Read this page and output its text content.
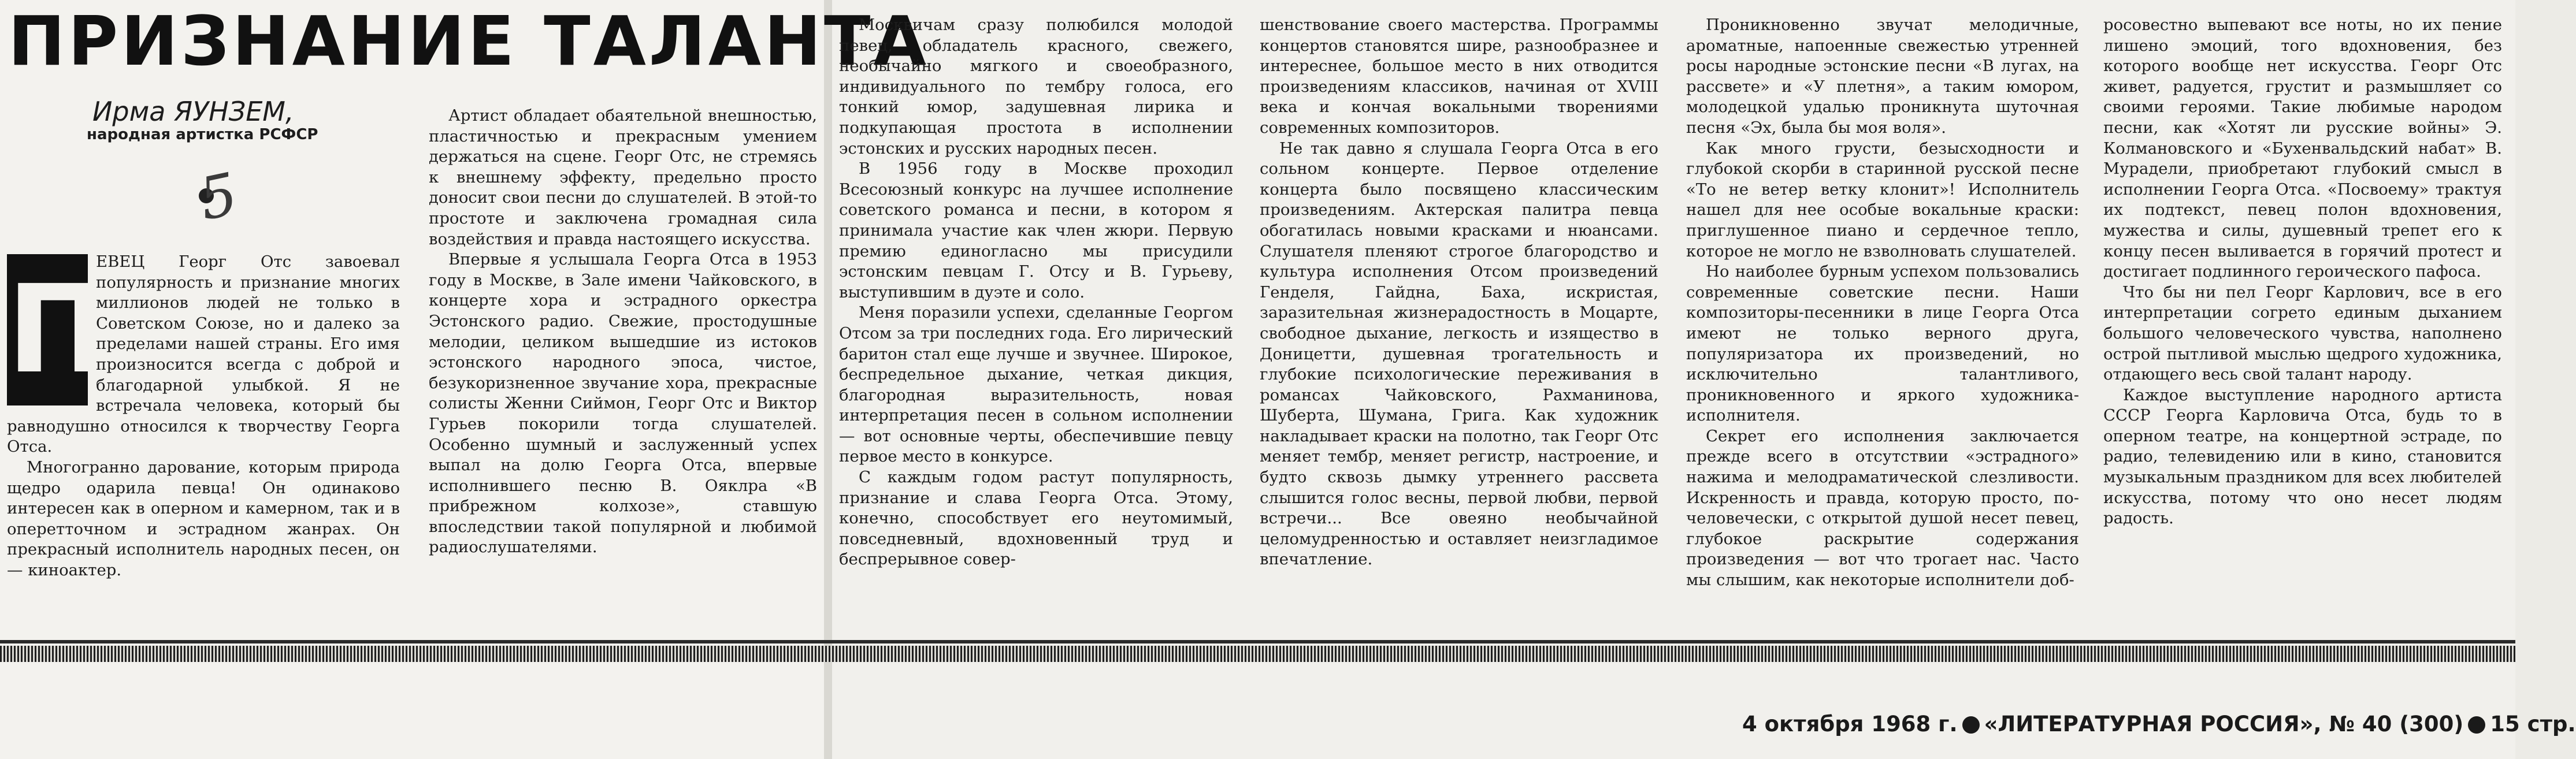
ПРИЗНАНИЕ ТАЛАНТА
Ирма ЯУНЗЕМ,
народная артистка РСФСР
5
П

ЕВЕЦ Георг Отс завоевал популярность и признание многих миллионов людей не только в Советском Союзе, но и далеко за пределами нашей страны. Его имя произносится всегда с доброй и благодарной улыбкой. Я не встречала человека, который бы равнодушно относился к творчеству Георга Отса.

Многогранно дарование, которым природа щедро одарила певца! Он одинаково интересен как в оперном и камерном, так и в оперетточном и эстрадном жанрах. Он прекрасный исполнитель народных песен, он — киноактер.

Артист обладает обаятельной внешностью, пластичностью и прекрасным умением держаться на сцене. Георг Отс, не стремясь к внешнему эффекту, предельно просто доносит свои песни до слушателей. В этой-то простоте и заключена громадная сила воздействия и правда настоящего искусства.

Впервые я услышала Георга Отса в 1953 году в Москве, в Зале имени Чайковского, в концерте хора и эстрадного оркестра Эстонского радио. Свежие, простодушные мелодии, целиком вышедшие из истоков эстонского народного эпоса, чистое, безукоризненное звучание хора, прекрасные солисты Женни Сиймон, Георг Отс и Виктор Гурьев покорили тогда слушателей. Особенно шумный и заслуженный успех выпал на долю Георга Отса, впервые исполнившего песню В. Ояклра «В прибрежном колхозе», ставшую впоследствии такой популярной и любимой радиослушателями.

Москвичам сразу полюбился молодой певец, обладатель красного, свежего, необычайно мягкого и своеобразного, индивидуального по тембру голоса, его тонкий юмор, задушевная лирика и подкупающая простота в исполнении эстонских и русских народных песен.

В 1956 году в Москве проходил Всесоюзный конкурс на лучшее исполнение советского романса и песни, в котором я принимала участие как член жюри. Первую премию единогласно мы присудили эстонским певцам Г. Отсу и В. Гурьеву, выступившим в дуэте и соло.

Меня поразили успехи, сделанные Георгом Отсом за три последних года. Его лирический баритон стал еще лучше и звучнее. Широкое, беспредельное дыхание, четкая дикция, благородная выразительность, новая интерпретация песен в сольном исполнении — вот основные черты, обеспечившие певцу первое место в конкурсе.

С каждым годом растут популярность, признание и слава Георга Отса. Этому, конечно, способствует его неутомимый, повседневный, вдохновенный труд и беспрерывное совер-

шенствование своего мастерства. Программы концертов становятся шире, разнообразнее и интереснее, большое место в них отводится произведениям классиков, начиная от XVIII века и кончая вокальными творениями современных композиторов.

Не так давно я слушала Георга Отса в его сольном концерте. Первое отделение концерта было посвящено классическим произведениям. Актерская палитра певца обогатилась новыми красками и нюансами. Слушателя пленяют строгое благородство и культура исполнения Отсом произведений Генделя, Гайдна, Баха, искристая, заразительная жизнерадостность в Моцарте, свободное дыхание, легкость и изящество в Доницетти, душевная трогательность и глубокие психологические переживания в романсах Чайковского, Рахманинова, Шуберта, Шумана, Грига. Как художник накладывает краски на полотно, так Георг Отс меняет тембр, меняет регистр, настроение, и будто сквозь дымку утреннего рассвета слышится голос весны, первой любви, первой встречи... Все овеяно необычайной целомудренностью и оставляет неизгладимое впечатление.

Проникновенно звучат мелодичные, ароматные, напоенные свежестью утренней росы народные эстонские песни «В лугах, на рассвете» и «У плетня», а таким юмором, молодецкой удалью проникнута шуточная песня «Эх, была бы моя воля».

Как много грусти, безысходности и глубокой скорби в старинной русской песне «То не ветер ветку клонит»! Исполнитель нашел для нее особые вокальные краски: приглушенное пиано и сердечное тепло, которое не могло не взволновать слушателей.

Но наиболее бурным успехом пользовались современные советские песни. Наши композиторы-песенники в лице Георга Отса имеют не только верного друга, популяризатора их произведений, но исключительно талантливого, проникновенного и яркого художника-исполнителя.

Секрет его исполнения заключается прежде всего в отсутствии «эстрадного» нажима и мелодраматической слезливости. Искренность и правда, которую просто, по-человечески, с открытой душой несет певец, глубокое раскрытие содержания произведения — вот что трогает нас. Часто мы слышим, как некоторые исполнители доб-

росовестно выпевают все ноты, но их пение лишено эмоций, того вдохновения, без которого вообще нет искусства. Георг Отс живет, радуется, грустит и размышляет со своими героями. Такие любимые народом песни, как «Хотят ли русские войны» Э. Колмановского и «Бухенвальдский набат» В. Мурадели, приобретают глубокий смысл в исполнении Георга Отса. «Посвоему» трактуя их подтекст, певец полон вдохновения, мужества и силы, душевный трепет его к концу песен выливается в горячий протест и достигает подлинного героического пафоса.

Что бы ни пел Георг Карлович, все в его интерпретации согрето единым дыханием большого человеческого чувства, наполнено острой пытливой мыслью щедрого художника, отдающего весь свой талант народу.

Каждое выступление народного артиста СССР Георга Карловича Отса, будь то в оперном театре, на концертной эстраде, по радио, телевидению или в кино, становится музыкальным праздником для всех любителей искусства, потому что оно несет людям радость.

4 октября 1968 г. «ЛИТЕРАТУРНАЯ РОССИЯ», № 40 (300) 15 стр.
